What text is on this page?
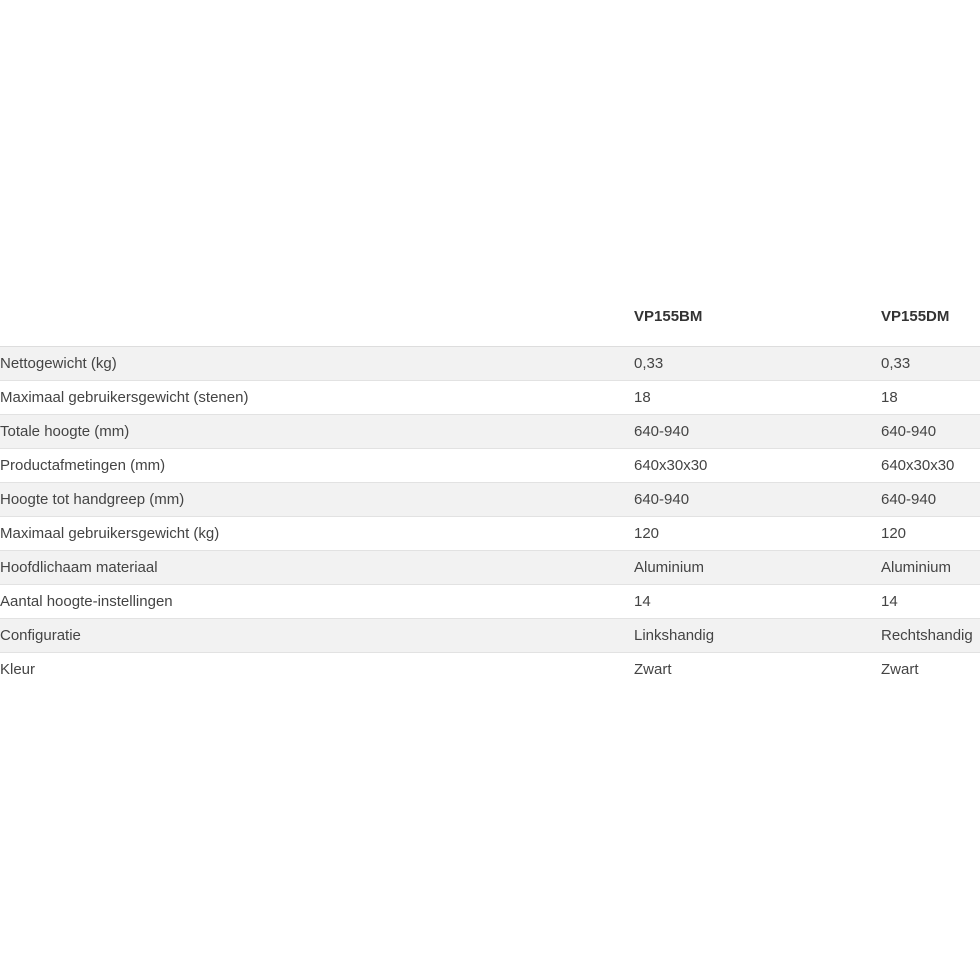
	VP155BM	VP155DM
Nettogewicht (kg)	0,33	0,33
Maximaal gebruikersgewicht (stenen)	18	18
Totale hoogte (mm)	640-940	640-940
Productafmetingen (mm)	640x30x30	640x30x30
Hoogte tot handgreep (mm)	640-940	640-940
Maximaal gebruikersgewicht (kg)	120	120
Hoofdlichaam materiaal	Aluminium	Aluminium
Aantal hoogte-instellingen	14	14
Configuratie	Linkshandig	Rechtshandig
Kleur	Zwart	Zwart
